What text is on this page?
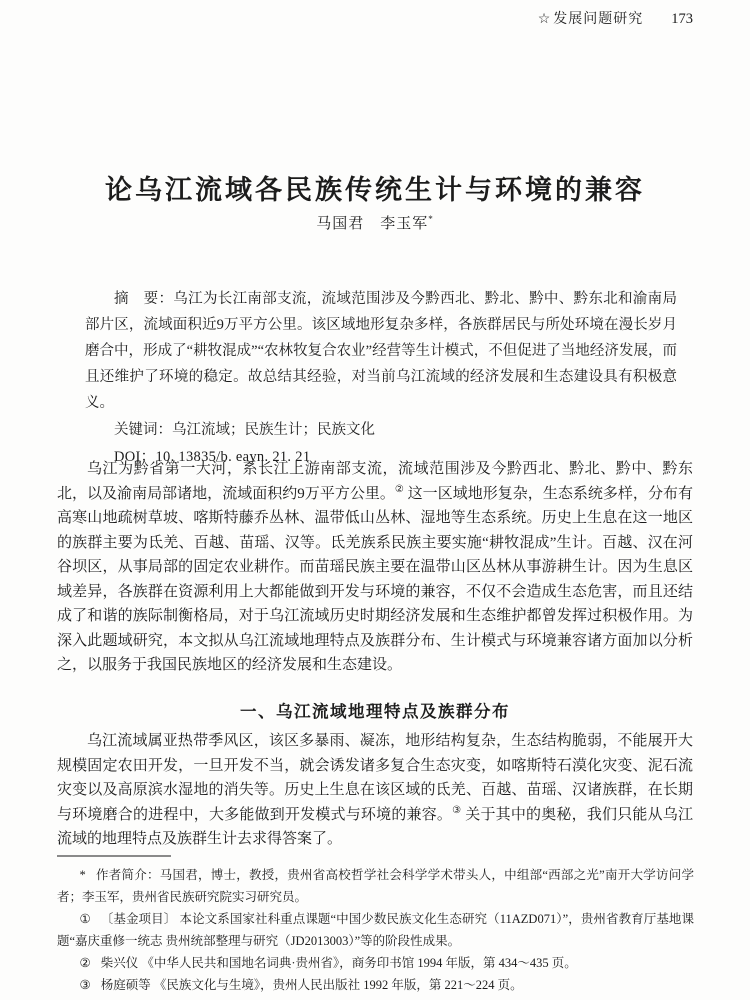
☆ 发展问题研究 173
论乌江流域各民族传统生计与环境的兼容
马国君　李玉军*

摘　要：乌江为长江南部支流，流域范围涉及今黔西北、黔北、黔中、黔东北和渝南局部片区，流域面积近9万平方公里。该区域地形复杂多样，各族群居民与所处环境在漫长岁月磨合中，形成了“耕牧混成”“农林牧复合农业”经营等生计模式，不但促进了当地经济发展，而且还维护了环境的稳定。故总结其经验，对当前乌江流域的经济发展和生态建设具有积极意义。

关键词：乌江流域；民族生计；民族文化

DOI：10. 13835/b. eayn. 21. 21

乌江为黔省第一大河，系长江上游南部支流，流域范围涉及今黔西北、黔北、黔中、黔东北，以及渝南局部诸地，流域面积约9万平方公里。② 这一区域地形复杂，生态系统多样，分布有高寒山地疏树草坡、喀斯特藤乔丛林、温带低山丛林、湿地等生态系统。历史上生息在这一地区的族群主要为氐羌、百越、苗瑶、汉等。氐羌族系民族主要实施“耕牧混成”生计。百越、汉在河谷坝区，从事局部的固定农业耕作。而苗瑶民族主要在温带山区丛林从事游耕生计。因为生息区域差异，各族群在资源利用上大都能做到开发与环境的兼容，不仅不会造成生态危害，而且还结成了和谐的族际制衡格局，对于乌江流域历史时期经济发展和生态维护都曾发挥过积极作用。为深入此题域研究，本文拟从乌江流域地理特点及族群分布、生计模式与环境兼容诸方面加以分析之，以服务于我国民族地区的经济发展和生态建设。

一、乌江流域地理特点及族群分布

乌江流域属亚热带季风区，该区多暴雨、凝冻，地形结构复杂，生态结构脆弱，不能展开大规模固定农田开发，一旦开发不当，就会诱发诸多复合生态灾变，如喀斯特石漠化灾变、泥石流灾变以及高原滨水湿地的消失等。历史上生息在该区域的氐羌、百越、苗瑶、汉诸族群，在长期与环境磨合的进程中，大多能做到开发模式与环境的兼容。③ 关于其中的奥秘，我们只能从乌江流域的地理特点及族群生计去求得答案了。

* 作者简介：马国君，博士，教授，贵州省高校哲学社会科学学术带头人，中组部“西部之光”南开大学访问学者；李玉军，贵州省民族研究院实习研究员。

① 〔基金项目〕 本论文系国家社科重点课题“中国少数民族文化生态研究（11AZD071）”，贵州省教育厅基地课题“嘉庆重修一统志 贵州统部整理与研究（JD2013003）”等的阶段性成果。

② 柴兴仪 《中华人民共和国地名词典·贵州省》，商务印书馆 1994 年版，第 434～435 页。

③ 杨庭硕等 《民族文化与生境》，贵州人民出版社 1992 年版，第 221～224 页。
